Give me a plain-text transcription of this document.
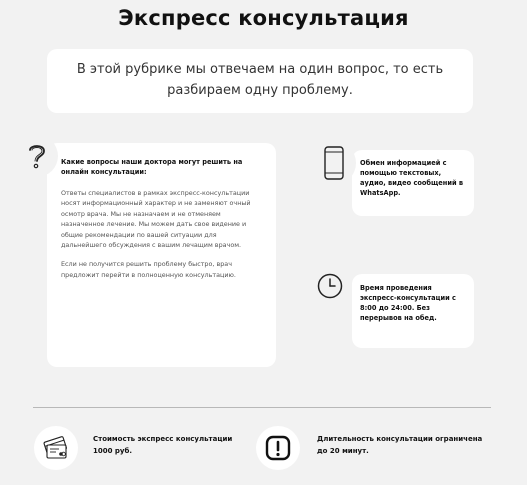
Экспресс консультация
В этой рубрике мы отвечаем на один вопрос, то есть разбираем одну проблему.
Какие вопросы наши доктора могут решить на онлайн консультации:

Ответы специалистов в рамках экспресс-консультации носят информационный характер и не заменяют очный осмотр врача. Мы не назначаем и не отменяем назначенное лечение. Мы можем дать свое видение и общие рекомендации по вашей ситуации для дальнейшего обсуждения с вашим лечащим врачом.

Если не получится решить проблему быстро, врач предложит перейти в полноценную консультацию.

Обмен информацией с помощью текстовых, аудио, видео сообщений в WhatsApp.
Время проведения экспресс-консультации с 8:00 до 24:00. Без перерывов на обед.
Стоимость экспресс консультации 1000 руб.
Длительность консультации ограничена до 20 минут.
